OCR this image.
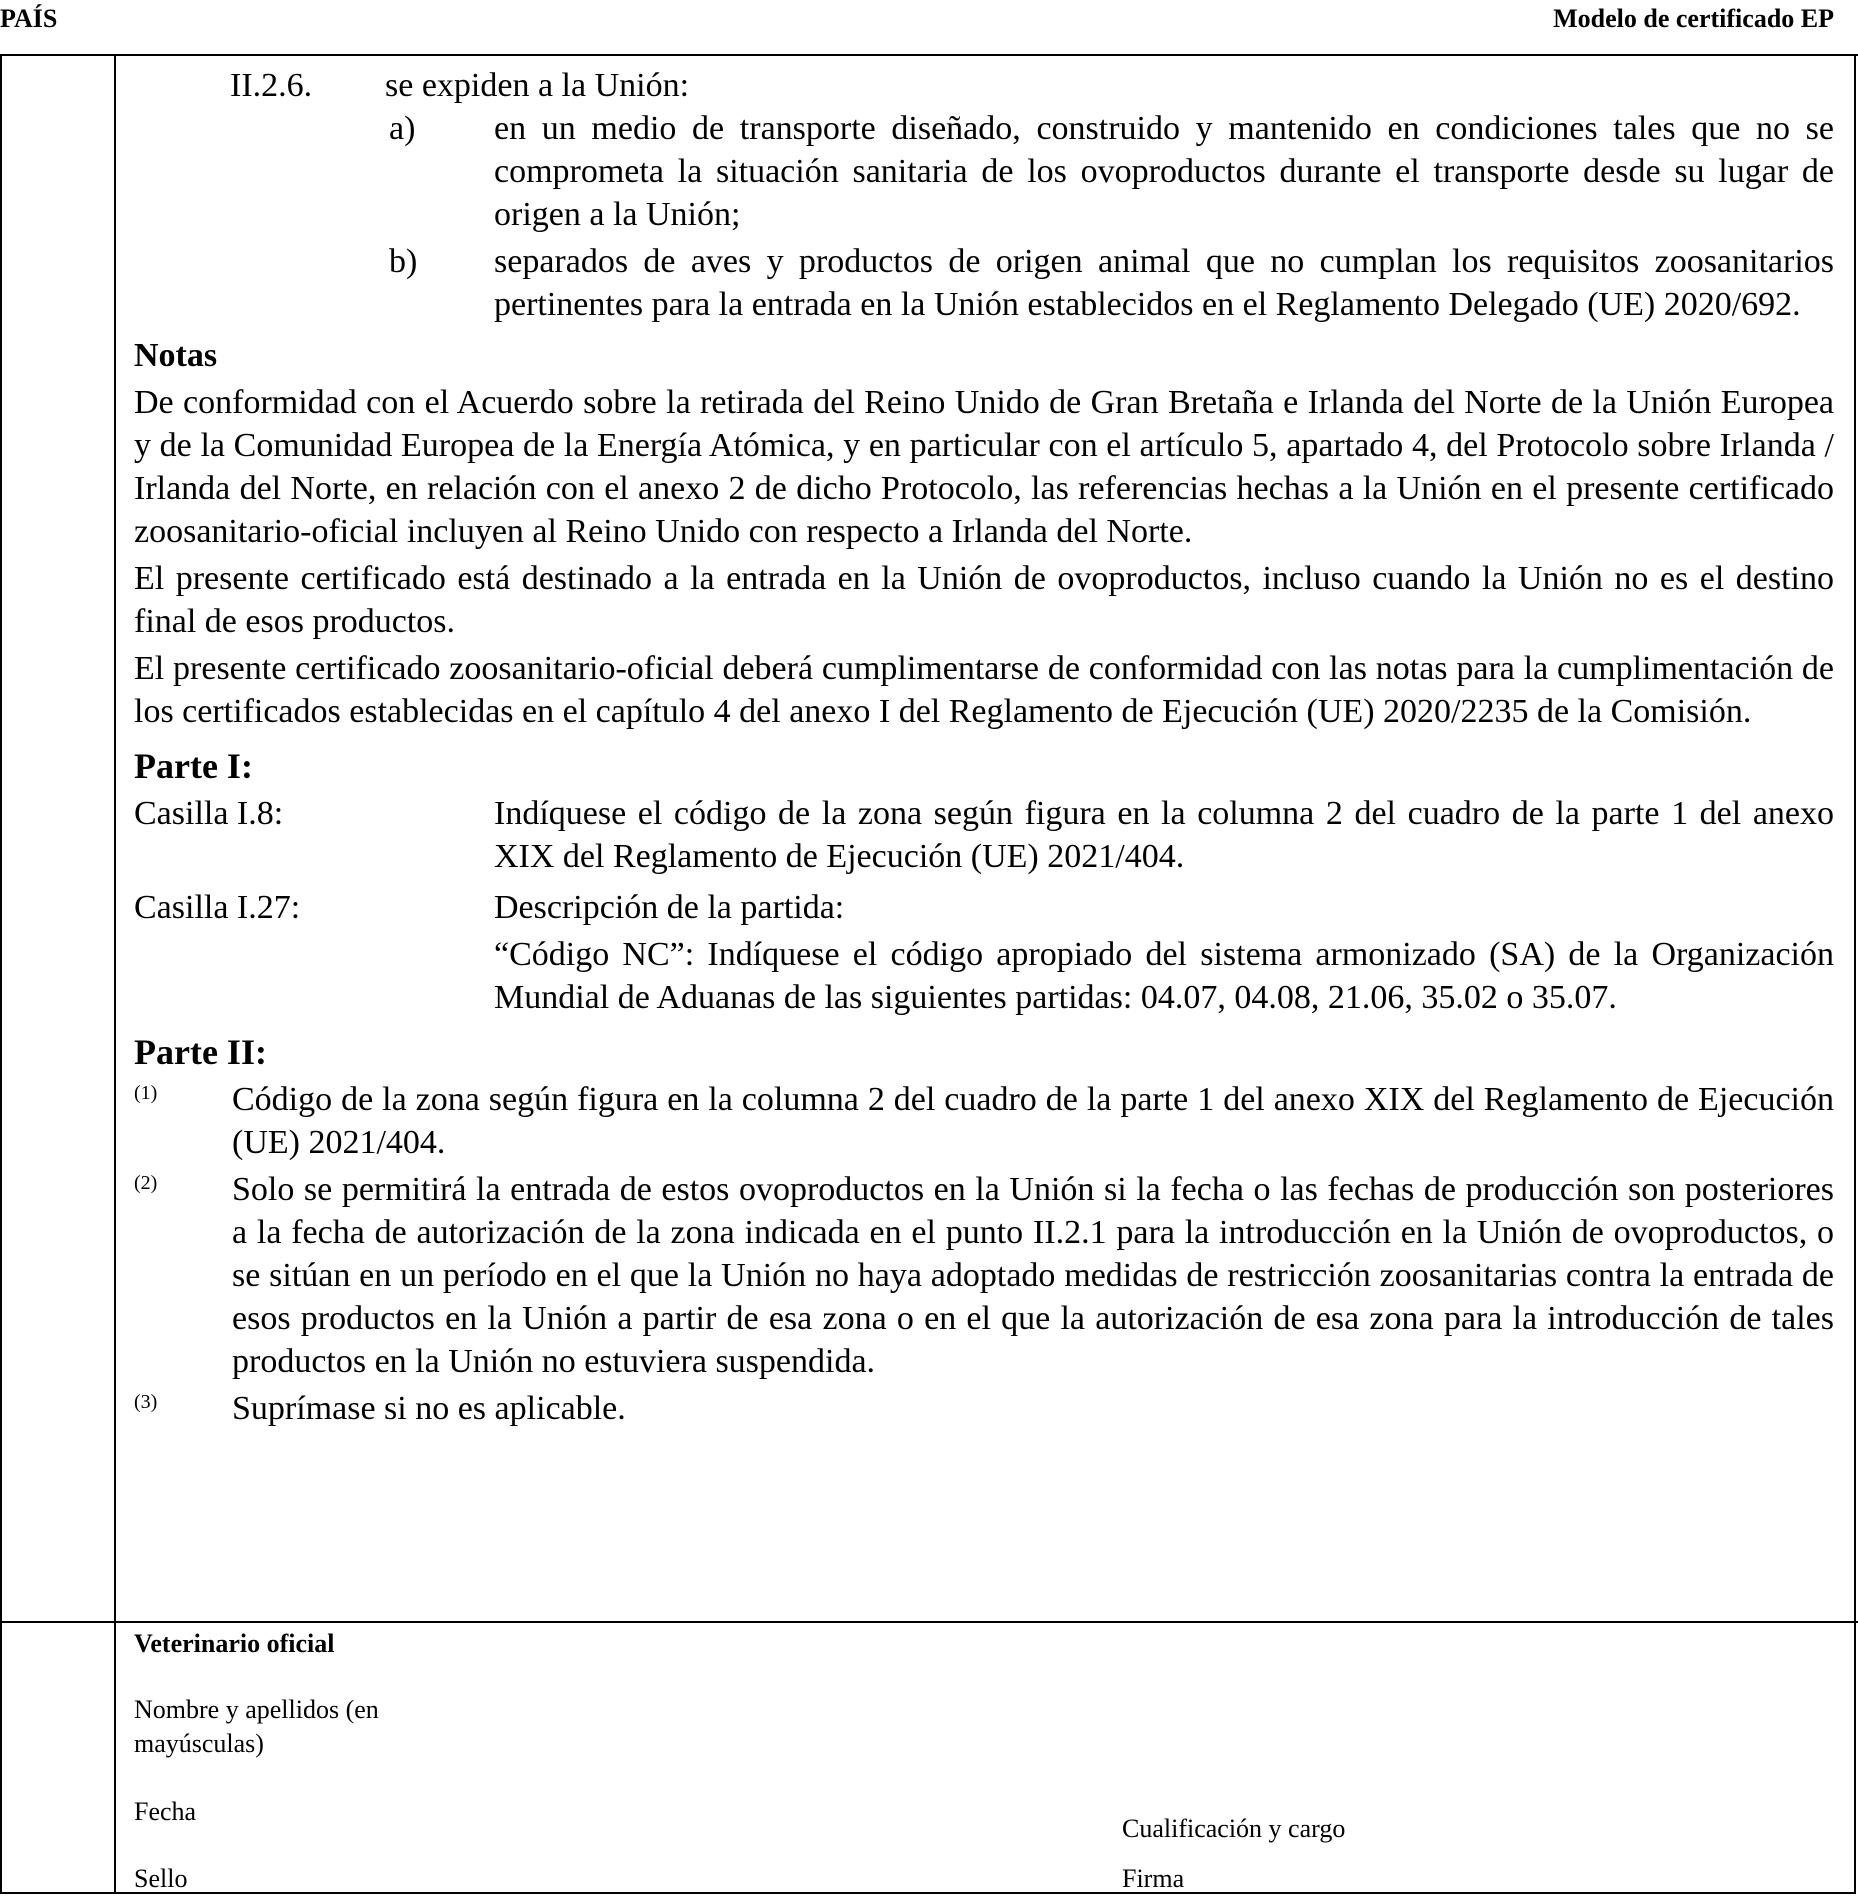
PAÍS	Modelo de certificado EP
II.2.6.	se expiden a la Unión:
a)	en un medio de transporte diseñado, construido y mantenido en condiciones tales que no se comprometa la situación sanitaria de los ovoproductos durante el transporte desde su lugar de origen a la Unión;
b)	separados de aves y productos de origen animal que no cumplan los requisitos zoosanitarios pertinentes para la entrada en la Unión establecidos en el Reglamento Delegado (UE) 2020/692.
Notas
De conformidad con el Acuerdo sobre la retirada del Reino Unido de Gran Bretaña e Irlanda del Norte de la Unión Europea y de la Comunidad Europea de la Energía Atómica, y en particular con el artículo 5, apartado 4, del Protocolo sobre Irlanda / Irlanda del Norte, en relación con el anexo 2 de dicho Protocolo, las referencias hechas a la Unión en el presente certificado zoosanitario-oficial incluyen al Reino Unido con respecto a Irlanda del Norte.
El presente certificado está destinado a la entrada en la Unión de ovoproductos, incluso cuando la Unión no es el destino final de esos productos.
El presente certificado zoosanitario-oficial deberá cumplimentarse de conformidad con las notas para la cumplimentación de los certificados establecidas en el capítulo 4 del anexo I del Reglamento de Ejecución (UE) 2020/2235 de la Comisión.
Parte I:
Casilla I.8:	Indíquese el código de la zona según figura en la columna 2 del cuadro de la parte 1 del anexo XIX del Reglamento de Ejecución (UE) 2021/404.
Casilla I.27:	Descripción de la partida:
“Código NC”: Indíquese el código apropiado del sistema armonizado (SA) de la Organización Mundial de Aduanas de las siguientes partidas: 04.07, 04.08, 21.06, 35.02 o 35.07.
Parte II:
(1)	Código de la zona según figura en la columna 2 del cuadro de la parte 1 del anexo XIX del Reglamento de Ejecución (UE) 2021/404.
(2)	Solo se permitirá la entrada de estos ovoproductos en la Unión si la fecha o las fechas de producción son posteriores a la fecha de autorización de la zona indicada en el punto II.2.1 para la introducción en la Unión de ovoproductos, o se sitúan en un período en el que la Unión no haya adoptado medidas de restricción zoosanitarias contra la entrada de esos productos en la Unión a partir de esa zona o en el que la autorización de esa zona para la introducción de tales productos en la Unión no estuviera suspendida.
(3)	Suprímase si no es aplicable.
Veterinario oficial
Nombre y apellidos (en mayúsculas)
Fecha
Cualificación y cargo
Sello	Firma
